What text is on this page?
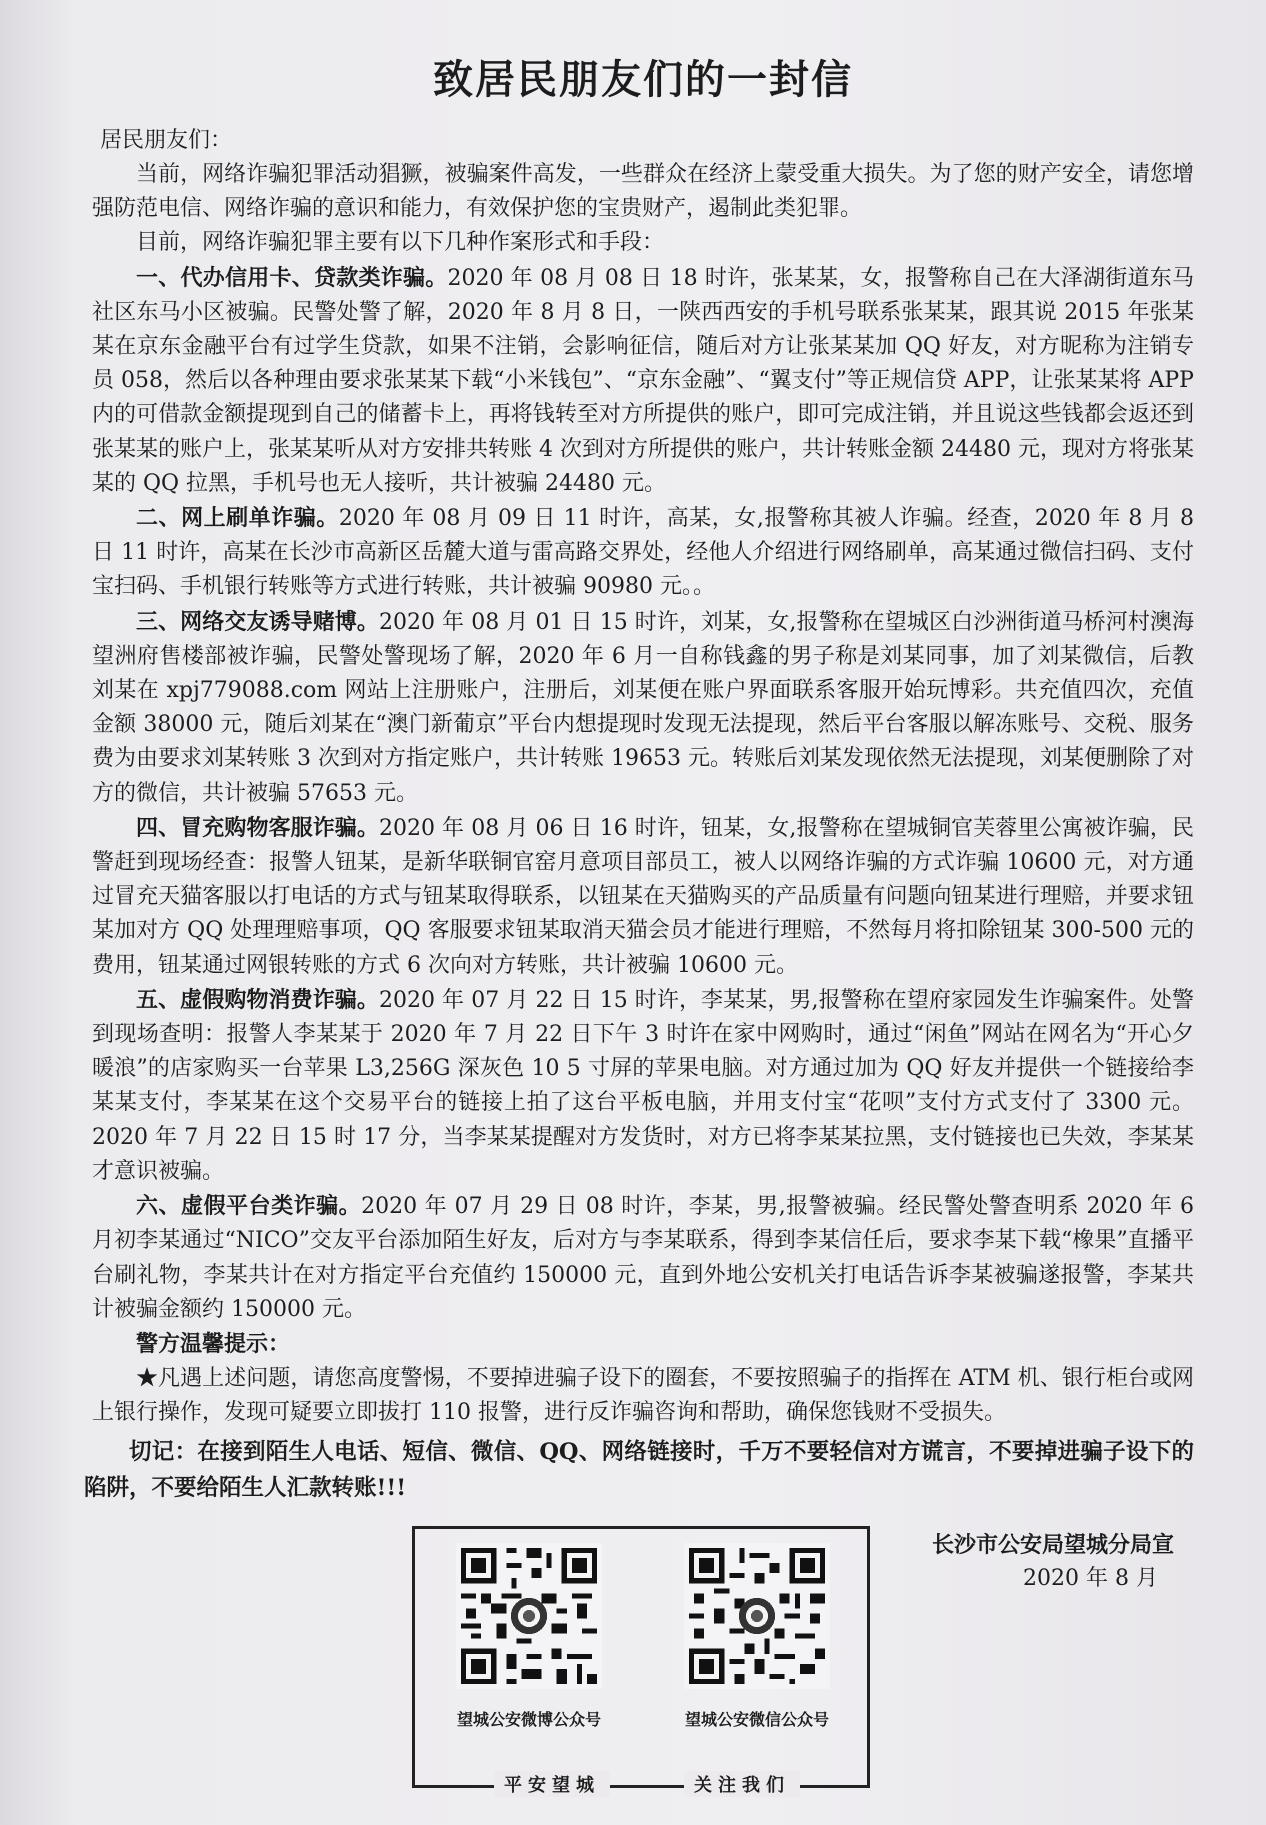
致居民朋友们的一封信

居民朋友们：

当前，网络诈骗犯罪活动猖獗，被骗案件高发，一些群众在经济上蒙受重大损失。为了您的财产安全，请您增强防范电信、网络诈骗的意识和能力，有效保护您的宝贵财产，遏制此类犯罪。

目前，网络诈骗犯罪主要有以下几种作案形式和手段：

一、代办信用卡、贷款类诈骗。2020 年 08 月 08 日 18 时许，张某某，女，报警称自己在大泽湖街道东马社区东马小区被骗。民警处警了解，2020 年 8 月 8 日，一陕西西安的手机号联系张某某，跟其说 2015 年张某某在京东金融平台有过学生贷款，如果不注销，会影响征信，随后对方让张某某加 QQ 好友，对方昵称为注销专员 058，然后以各种理由要求张某某下载“小米钱包”、“京东金融”、“翼支付”等正规信贷 APP，让张某某将 APP 内的可借款金额提现到自己的储蓄卡上，再将钱转至对方所提供的账户，即可完成注销，并且说这些钱都会返还到张某某的账户上，张某某听从对方安排共转账 4 次到对方所提供的账户，共计转账金额 24480 元，现对方将张某某的 QQ 拉黑，手机号也无人接听，共计被骗 24480 元。

二、网上刷单诈骗。2020 年 08 月 09 日 11 时许，高某，女,报警称其被人诈骗。经查，2020 年 8 月 8 日 11 时许，高某在长沙市高新区岳麓大道与雷高路交界处，经他人介绍进行网络刷单，高某通过微信扫码、支付宝扫码、手机银行转账等方式进行转账，共计被骗 90980 元。。

三、网络交友诱导赌博。2020 年 08 月 01 日 15 时许，刘某，女,报警称在望城区白沙洲街道马桥河村澳海望洲府售楼部被诈骗，民警处警现场了解，2020 年 6 月一自称钱鑫的男子称是刘某同事，加了刘某微信，后教刘某在 xpj779088.com 网站上注册账户，注册后，刘某便在账户界面联系客服开始玩博彩。共充值四次，充值金额 38000 元，随后刘某在“澳门新葡京”平台内想提现时发现无法提现，然后平台客服以解冻账号、交税、服务费为由要求刘某转账 3 次到对方指定账户，共计转账 19653 元。转账后刘某发现依然无法提现，刘某便删除了对方的微信，共计被骗 57653 元。

四、冒充购物客服诈骗。2020 年 08 月 06 日 16 时许，钮某，女,报警称在望城铜官芙蓉里公寓被诈骗，民警赶到现场经查：报警人钮某，是新华联铜官窑月意项目部员工，被人以网络诈骗的方式诈骗 10600 元，对方通过冒充天猫客服以打电话的方式与钮某取得联系，以钮某在天猫购买的产品质量有问题向钮某进行理赔，并要求钮某加对方 QQ 处理理赔事项，QQ 客服要求钮某取消天猫会员才能进行理赔，不然每月将扣除钮某 300-500 元的费用，钮某通过网银转账的方式 6 次向对方转账，共计被骗 10600 元。

五、虚假购物消费诈骗。2020 年 07 月 22 日 15 时许，李某某，男,报警称在望府家园发生诈骗案件。处警到现场查明：报警人李某某于 2020 年 7 月 22 日下午 3 时许在家中网购时，通过“闲鱼”网站在网名为“开心夕暖浪”的店家购买一台苹果 L3,256G 深灰色 10 5 寸屏的苹果电脑。对方通过加为 QQ 好友并提供一个链接给李某某支付，李某某在这个交易平台的链接上拍了这台平板电脑，并用支付宝“花呗”支付方式支付了 3300 元。2020 年 7 月 22 日 15 时 17 分，当李某某提醒对方发货时，对方已将李某某拉黑，支付链接也已失效，李某某才意识被骗。

六、虚假平台类诈骗。2020 年 07 月 29 日 08 时许，李某，男,报警被骗。经民警处警查明系 2020 年 6 月初李某通过“NICO”交友平台添加陌生好友，后对方与李某联系，得到李某信任后，要求李某下载“橡果”直播平台刷礼物，李某共计在对方指定平台充值约 150000 元，直到外地公安机关打电话告诉李某被骗遂报警，李某共计被骗金额约 150000 元。

警方温馨提示：

★凡遇上述问题，请您高度警惕，不要掉进骗子设下的圈套，不要按照骗子的指挥在 ATM 机、银行柜台或网上银行操作，发现可疑要立即拔打 110 报警，进行反诈骗咨询和帮助，确保您钱财不受损失。

切记：在接到陌生人电话、短信、微信、QQ、网络链接时，千万不要轻信对方谎言，不要掉进骗子设下的陷阱，不要给陌生人汇款转账!!!

望城公安微博公众号	望城公安微信公众号
平安望城	关注我们
长沙市公安局望城分局宣
2020 年 8 月
